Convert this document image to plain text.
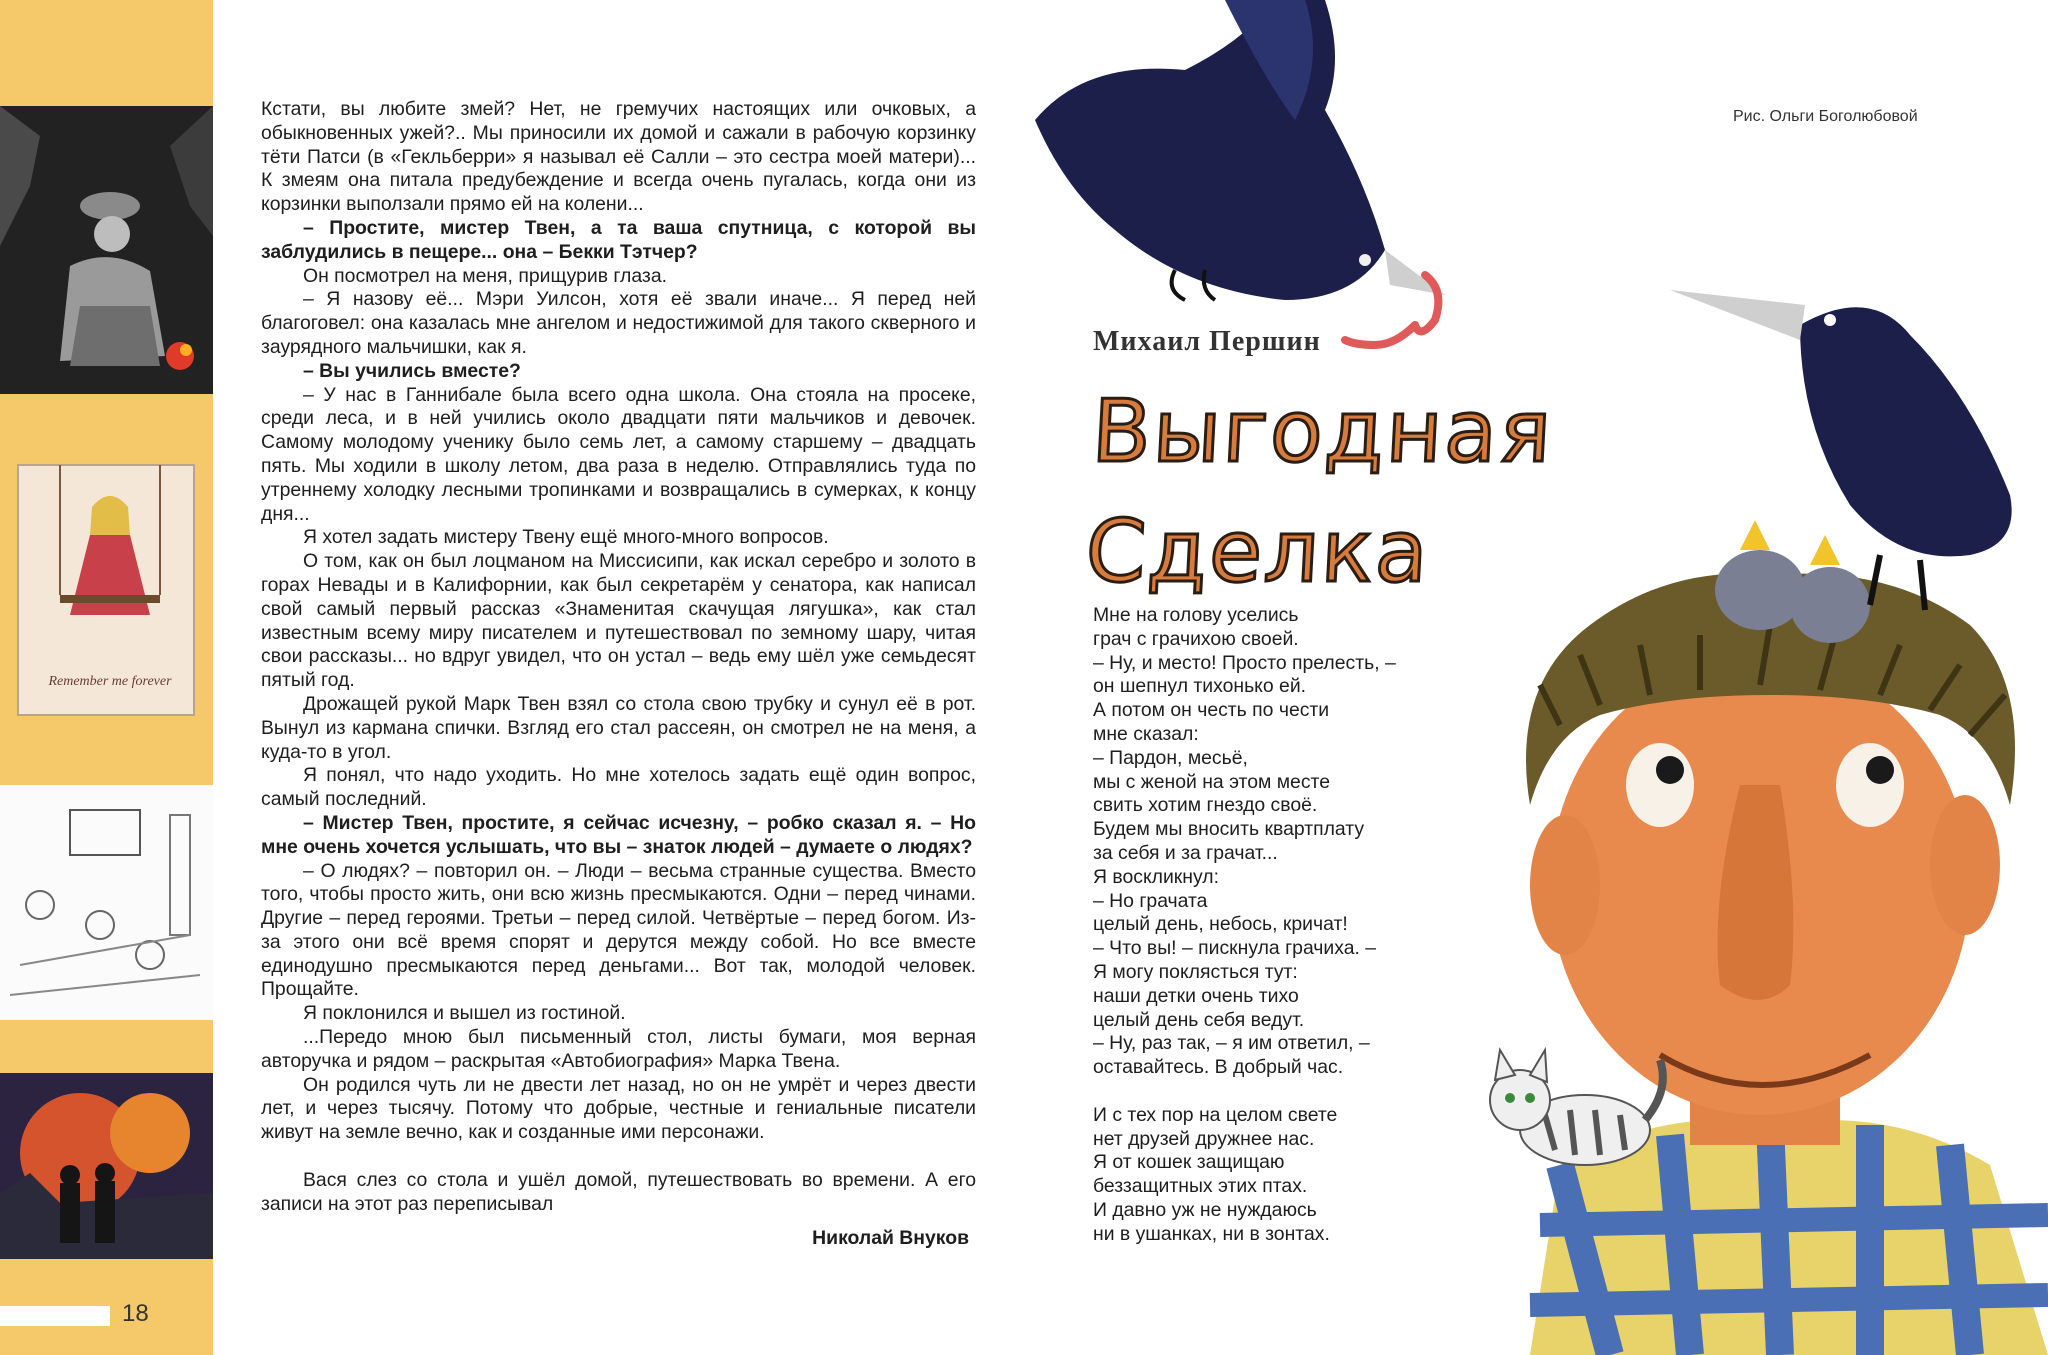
Remember me forever
18

Кстати, вы любите змей? Нет, не гремучих настоящих или очковых, а обыкновенных ужей?.. Мы приносили их домой и сажали в рабочую корзинку тёти Патси (в «Гекльберри» я называл её Салли – это сестра моей матери)... К змеям она питала предубеждение и всегда очень пугалась, когда они из корзинки выползали прямо ей на колени...

– Простите, мистер Твен, а та ваша спутница, с которой вы заблудились в пещере... она – Бекки Тэтчер?

Он посмотрел на меня, прищурив глаза.

– Я назову её... Мэри Уилсон, хотя её звали иначе... Я перед ней благоговел: она казалась мне ангелом и недостижимой для такого скверного и заурядного мальчишки, как я.

– Вы учились вместе?

– У нас в Ганнибале была всего одна школа. Она стояла на просеке, среди леса, и в ней учились около двадцати пяти мальчиков и девочек. Самому молодому ученику было семь лет, а самому старшему – двадцать пять. Мы ходили в школу летом, два раза в неделю. Отправлялись туда по утреннему холодку лесными тропинками и возвращались в сумерках, к концу дня...

Я хотел задать мистеру Твену ещё много-много вопросов.

О том, как он был лоцманом на Миссисипи, как искал серебро и золото в горах Невады и в Калифорнии, как был секретарём у сенатора, как написал свой самый первый рассказ «Знаменитая скачущая лягушка», как стал известным всему миру писателем и путешествовал по земному шару, читая свои рассказы... но вдруг увидел, что он устал – ведь ему шёл уже семьдесят пятый год.

Дрожащей рукой Марк Твен взял со стола свою трубку и сунул её в рот. Вынул из кармана спички. Взгляд его стал рассеян, он смотрел не на меня, а куда-то в угол.

Я понял, что надо уходить. Но мне хотелось задать ещё один вопрос, самый последний.

– Мистер Твен, простите, я сейчас исчезну, – робко сказал я. – Но мне очень хочется услышать, что вы – знаток людей – думаете о людях?

– О людях? – повторил он. – Люди – весьма странные существа. Вместо того, чтобы просто жить, они всю жизнь пресмыкаются. Одни – перед чинами. Другие – перед героями. Третьи – перед силой. Четвёртые – перед богом. Из-за этого они всё время спорят и дерутся между собой. Но все вместе единодушно пресмыкаются перед деньгами... Вот так, молодой человек. Прощайте.

Я поклонился и вышел из гостиной.

...Передо мною был письменный стол, листы бумаги, моя верная авторучка и рядом – раскрытая «Автобиография» Марка Твена.

Он родился чуть ли не двести лет назад, но он не умрёт и через двести лет, и через тысячу. Потому что добрые, честные и гениальные писатели живут на земле вечно, как и созданные ими персонажи.

Вася слез со стола и ушёл домой, путешествовать во времени. А его записи на этот раз переписывал

Николай Внуков
Рис. Ольги Боголюбовой
Михаил Першин
Выгодная
Сделка
Мне на голову уселись
грач с грачихою своей.
– Ну, и место! Просто прелесть, –
он шепнул тихонько ей.
А потом он честь по чести
мне сказал:
– Пардон, месьё,
мы с женой на этом месте
свить хотим гнездо своё.
Будем мы вносить квартплату
за себя и за грачат...
Я воскликнул:
– Но грачата
целый день, небось, кричат!
– Что вы! – пискнула грачиха. –
Я могу поклясться тут:
наши детки очень тихо
целый день себя ведут.
– Ну, раз так, – я им ответил, –
оставайтесь. В добрый час.
И с тех пор на целом свете
нет друзей дружнее нас.
Я от кошек защищаю
беззащитных этих птах.
И давно уж не нуждаюсь
ни в ушанках, ни в зонтах.
